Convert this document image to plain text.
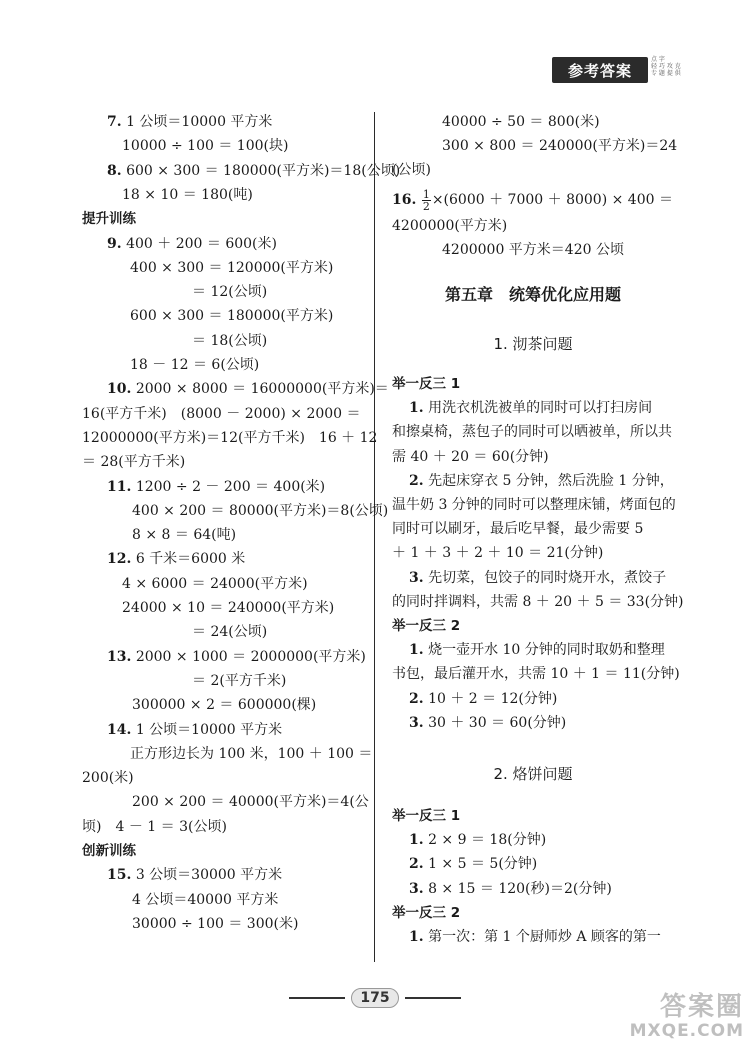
参考答案
点 字
轻 巧 攻 克
专 题 提 供
7. 1 公顷＝10000 平方米
10000 ÷ 100 ＝ 100(块)
8. 600 × 300 ＝ 180000(平方米)＝18(公顷)
18 × 10 ＝ 180(吨)
提升训练
9. 400 ＋ 200 ＝ 600(米)
400 × 300 ＝ 120000(平方米)
＝ 12(公顷)
600 × 300 ＝ 180000(平方米)
＝ 18(公顷)
18 － 12 ＝ 6(公顷)
10. 2000 × 8000 ＝ 16000000(平方米)＝
16(平方千米)　(8000 － 2000) × 2000 ＝
12000000(平方米)＝12(平方千米)　16 ＋ 12
＝ 28(平方千米)
11. 1200 ÷ 2 － 200 ＝ 400(米)
400 × 200 ＝ 80000(平方米)＝8(公顷)
8 × 8 ＝ 64(吨)
12. 6 千米＝6000 米
4 × 6000 ＝ 24000(平方米)
24000 × 10 ＝ 240000(平方米)
＝ 24(公顷)
13. 2000 × 1000 ＝ 2000000(平方米)
＝ 2(平方千米)
300000 × 2 ＝ 600000(棵)
14. 1 公顷＝10000 平方米
正方形边长为 100 米，100 ＋ 100 ＝
200(米)
200 × 200 ＝ 40000(平方米)＝4(公
顷)　4 － 1 ＝ 3(公顷)
创新训练
15. 3 公顷＝30000 平方米
4 公顷＝40000 平方米
30000 ÷ 100 ＝ 300(米)
40000 ÷ 50 ＝ 800(米)
300 × 800 ＝ 240000(平方米)＝24
(公顷)
16. $\frac{1}{2} \times(6000 + 7000 + 8000) \times 400$ ＝
4200000(平方米)
4200000 平方米＝420 公顷
第五章　统筹优化应用题
1. 沏茶问题
举一反三 1
1. 用洗衣机洗被单的同时可以打扫房间
和擦桌椅，蒸包子的同时可以晒被单，所以共
需 40 ＋ 20 ＝ 60(分钟)
2. 先起床穿衣 5 分钟，然后洗脸 1 分钟，
温牛奶 3 分钟的同时可以整理床铺，烤面包的
同时可以刷牙，最后吃早餐，最少需要 5
＋ 1 ＋ 3 ＋ 2 ＋ 10 ＝ 21(分钟)
3. 先切菜，包饺子的同时烧开水，煮饺子
的同时拌调料，共需 8 ＋ 20 ＋ 5 ＝ 33(分钟)
举一反三 2
1. 烧一壶开水 10 分钟的同时取奶和整理
书包，最后灌开水，共需 10 ＋ 1 ＝ 11(分钟)
2. 10 ＋ 2 ＝ 12(分钟)
3. 30 ＋ 30 ＝ 60(分钟)
2. 烙饼问题
举一反三 1
1. 2 × 9 ＝ 18(分钟)
2. 1 × 5 ＝ 5(分钟)
3. 8 × 15 ＝ 120(秒)＝2(分钟)
举一反三 2
1. 第一次：第 1 个厨师炒 A 顾客的第一
175	答案圈
MXQE.COM
